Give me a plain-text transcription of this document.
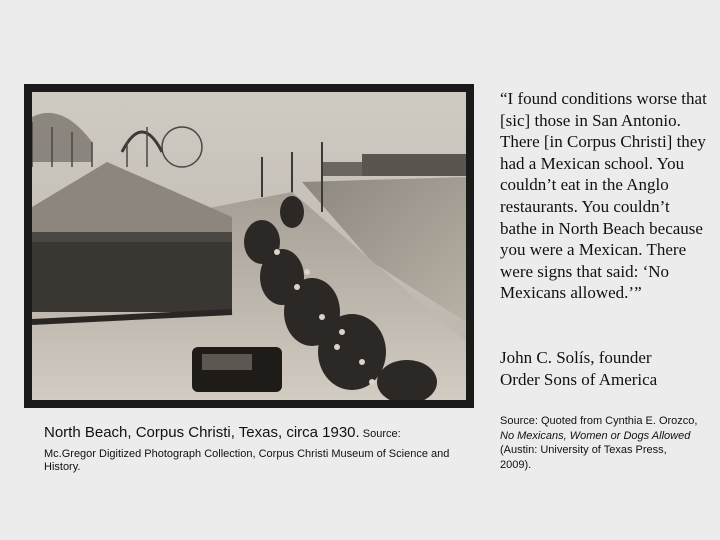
“I found conditions worse that [sic] those in San Antonio. There [in Corpus Christi] they had a Mexican school. You couldn’t eat in the Anglo restaurants. You couldn’t bathe in North Beach because you were a Mexican. There were signs that said: ‘No Mexicans allowed.’”

John C. Solís, founder
Order Sons of America
North Beach, Corpus Christi, Texas, circa 1930. Source:
Mc.Gregor Digitized Photograph Collection, Corpus Christi Museum of Science and History.
Source: Quoted from Cynthia E. Orozco, No Mexicans, Women or Dogs Allowed (Austin: University of Texas Press, 2009).
